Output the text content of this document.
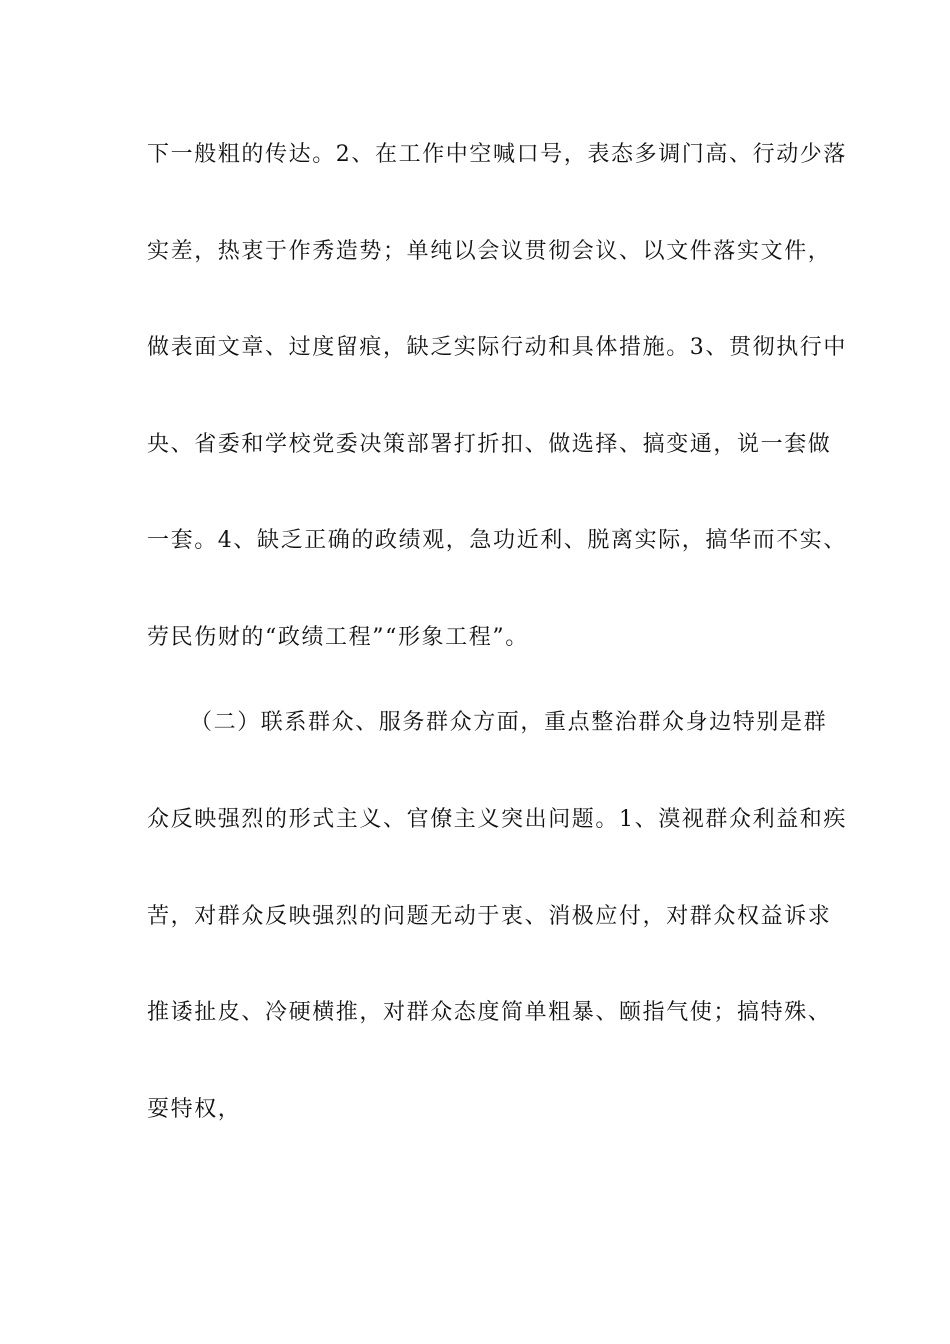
下一般粗的传达。2、在工作中空喊口号，表态多调门高、行动少落
实差，热衷于作秀造势；单纯以会议贯彻会议、以文件落实文件，
做表面文章、过度留痕，缺乏实际行动和具体措施。3、贯彻执行中
央、省委和学校党委决策部署打折扣、做选择、搞变通，说一套做
一套。4、缺乏正确的政绩观，急功近利、脱离实际，搞华而不实、
劳民伤财的“政绩工程”“形象工程”。
（二）联系群众、服务群众方面，重点整治群众身边特别是群
众反映强烈的形式主义、官僚主义突出问题。1、漠视群众利益和疾
苦，对群众反映强烈的问题无动于衷、消极应付，对群众权益诉求
推诿扯皮、冷硬横推，对群众态度简单粗暴、颐指气使；搞特殊、
耍特权，
